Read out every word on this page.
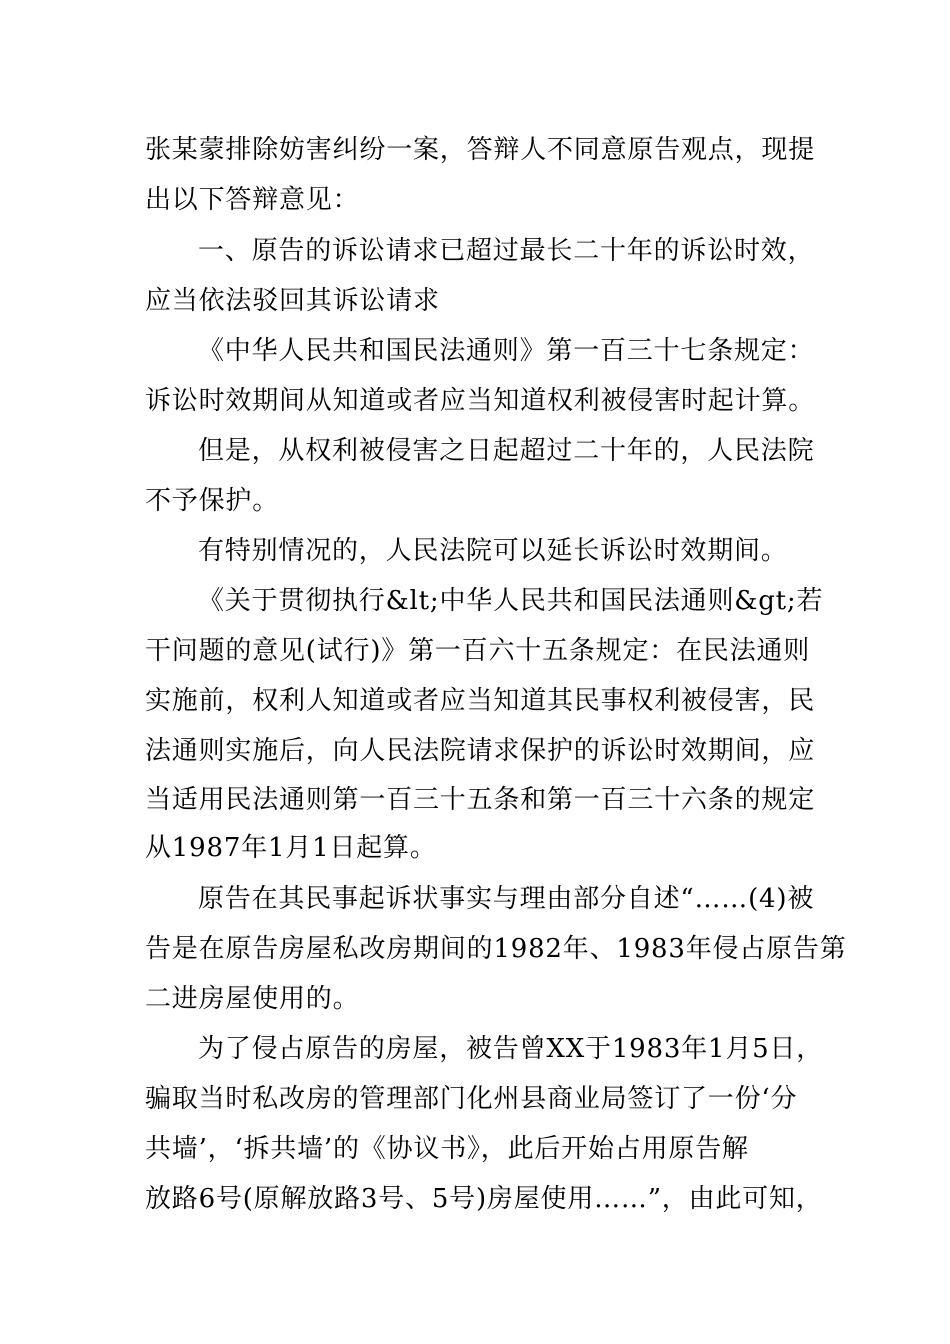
张某蒙排除妨害纠纷一案，答辩人不同意原告观点，现提
出以下答辩意见：
一、原告的诉讼请求已超过最长二十年的诉讼时效，
应当依法驳回其诉讼请求
《中华人民共和国民法通则》第一百三十七条规定：
诉讼时效期间从知道或者应当知道权利被侵害时起计算。
但是，从权利被侵害之日起超过二十年的，人民法院
不予保护。
有特别情况的，人民法院可以延长诉讼时效期间。
《关于贯彻执行&lt;中华人民共和国民法通则&gt;若
干问题的意见(试行)》第一百六十五条规定：在民法通则
实施前，权利人知道或者应当知道其民事权利被侵害，民
法通则实施后，向人民法院请求保护的诉讼时效期间，应
当适用民法通则第一百三十五条和第一百三十六条的规定
从1987年1月1日起算。
原告在其民事起诉状事实与理由部分自述“……(4)被
告是在原告房屋私改房期间的1982年、1983年侵占原告第
二进房屋使用的。
为了侵占原告的房屋，被告曾XX于1983年1月5日，
骗取当时私改房的管理部门化州县商业局签订了一份‘分
共墙’，‘拆共墙’的《协议书》，此后开始占用原告解
放路6号(原解放路3号、5号)房屋使用……”，由此可知，
